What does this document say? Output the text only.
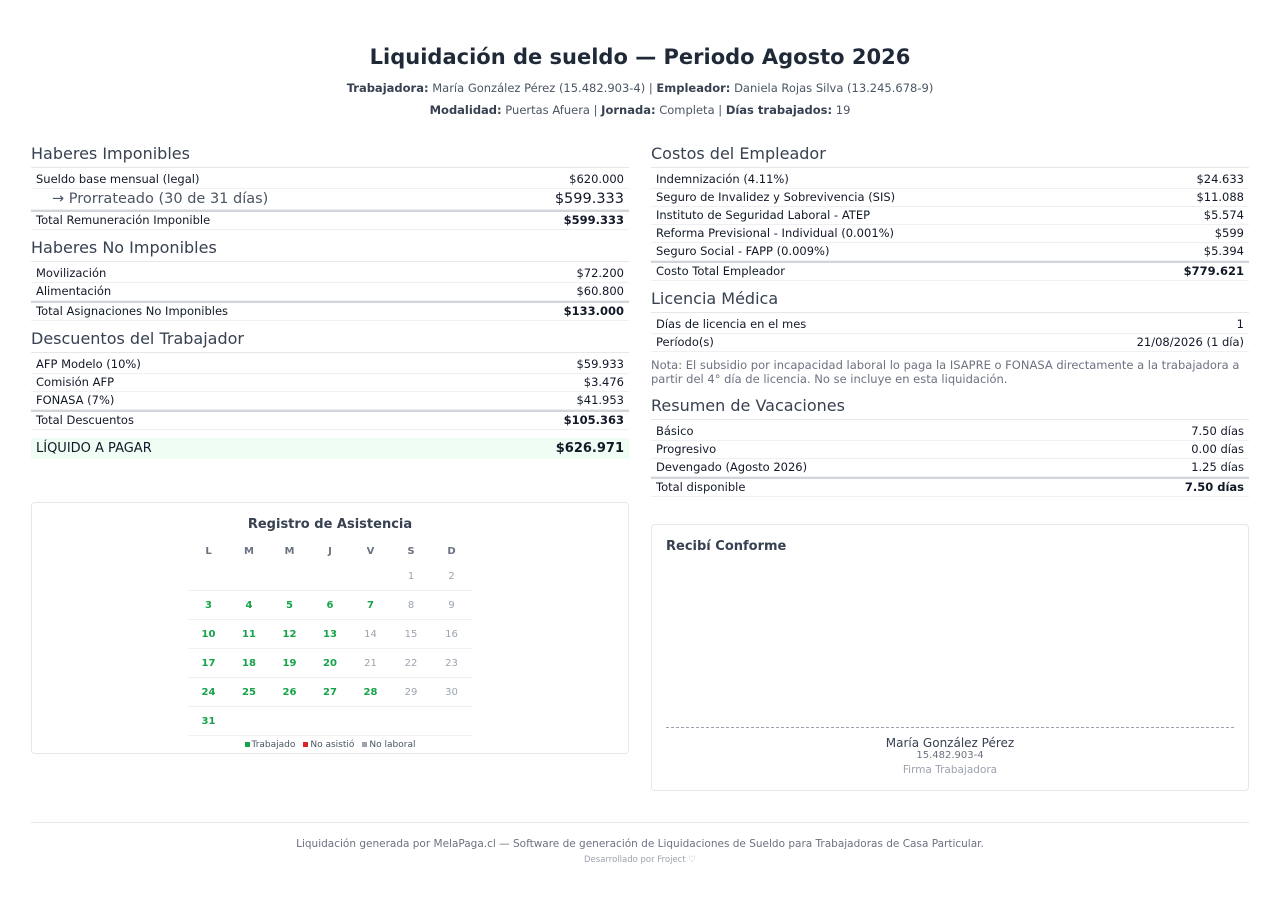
Liquidación de sueldo — Periodo Agosto 2026
Trabajadora: María González Pérez (15.482.903-4) | Empleador: Daniela Rojas Silva (13.245.678-9)
Modalidad: Puertas Afuera | Jornada: Completa | Días trabajados: 19
Haberes Imponibles
Sueldo base mensual (legal)	$620.000
→ Prorrateado (30 de 31 días)	$599.333
Total Remuneración Imponible	$599.333
Haberes No Imponibles
Movilización	$72.200
Alimentación	$60.800
Total Asignaciones No Imponibles	$133.000
Descuentos del Trabajador
AFP Modelo (10%)	$59.933
Comisión AFP	$3.476
FONASA (7%)	$41.953
Total Descuentos	$105.363
LÍQUIDO A PAGAR	$626.971
Registro de Asistencia
L	M	M	J	V	S	D
					1	2
3	4	5	6	7	8	9
10	11	12	13	14	15	16
17	18	19	20	21	22	23
24	25	26	27	28	29	30
31						
Trabajado No asistió No laboral
Costos del Empleador
Indemnización (4.11%)	$24.633
Seguro de Invalidez y Sobrevivencia (SIS)	$11.088
Instituto de Seguridad Laboral - ATEP	$5.574
Reforma Previsional - Individual (0.001%)	$599
Seguro Social - FAPP (0.009%)	$5.394
Costo Total Empleador	$779.621
Licencia Médica
Días de licencia en el mes	1
Período(s)	21/08/2026 (1 día)
Nota: El subsidio por incapacidad laboral lo paga la ISAPRE o FONASA directamente a la trabajadora a partir del 4° día de licencia. No se incluye en esta liquidación.
Resumen de Vacaciones
Básico	7.50 días
Progresivo	0.00 días
Devengado (Agosto 2026)	1.25 días
Total disponible	7.50 días
Recibí Conforme
María González Pérez
15.482.903-4
Firma Trabajadora
Liquidación generada por MelaPaga.cl — Software de generación de Liquidaciones de Sueldo para Trabajadoras de Casa Particular.
Desarrollado por Froject ♡
